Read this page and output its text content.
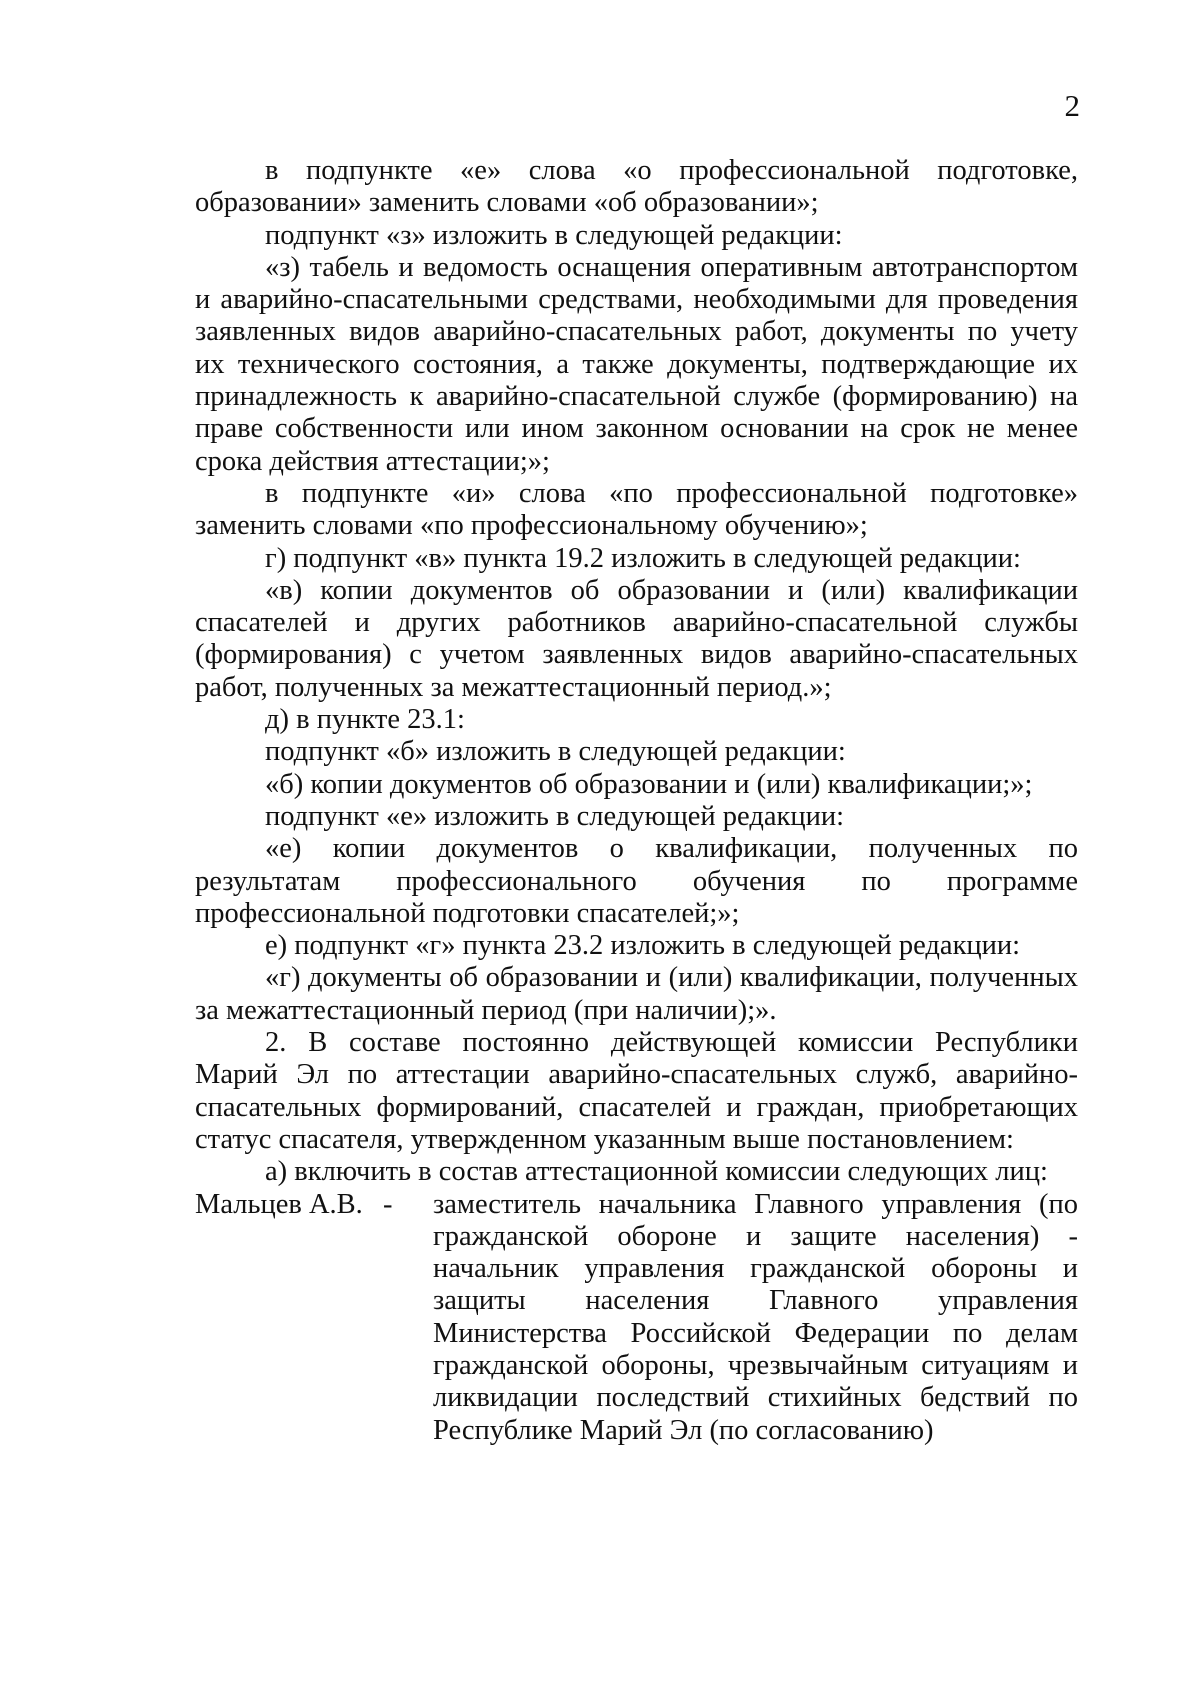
2

в подпункте «е» слова «о профессиональной подготовке, образовании» заменить словами «об образовании»;

подпункт «з» изложить в следующей редакции:

«з) табель и ведомость оснащения оперативным автотранспортом и аварийно-спасательными средствами, необходимыми для проведения заявленных видов аварийно-спасательных работ, документы по учету их технического состояния, а также документы, подтверждающие их принадлежность к аварийно-спасательной службе (формированию) на праве собственности или ином законном основании на срок не менее срока действия аттестации;»;

в подпункте «и» слова «по профессиональной подготовке» заменить словами «по профессиональному обучению»;

г) подпункт «в» пункта 19.2 изложить в следующей редакции:

«в) копии документов об образовании и (или) квалификации спасателей и других работников аварийно-спасательной службы (формирования) с учетом заявленных видов аварийно-спасательных работ, полученных за межаттестационный период.»;

д) в пункте 23.1:

подпункт «б» изложить в следующей редакции:

«б) копии документов об образовании и (или) квалификации;»;

подпункт «е» изложить в следующей редакции:

«е) копии документов о квалификации, полученных по результатам профессионального обучения по программе профессиональной подготовки спасателей;»;

е) подпункт «г» пункта 23.2 изложить в следующей редакции:

«г) документы об образовании и (или) квалификации, полученных за межаттестационный период (при наличии);».

2. В составе постоянно действующей комиссии Республики Марий Эл по аттестации аварийно-спасательных служб, аварийно-спасательных формирований, спасателей и граждан, приобретающих статус спасателя, утвержденном указанным выше постановлением:

а) включить в состав аттестационной комиссии следующих лиц:

Мальцев А.В. -	заместитель начальника Главного управления (по гражданской обороне и защите населения) - начальник управления гражданской обороны и защиты населения Главного управления Министерства Российской Федерации по делам гражданской обороны, чрезвычайным ситуациям и ликвидации последствий стихийных бедствий по Республике Марий Эл (по согласованию)
